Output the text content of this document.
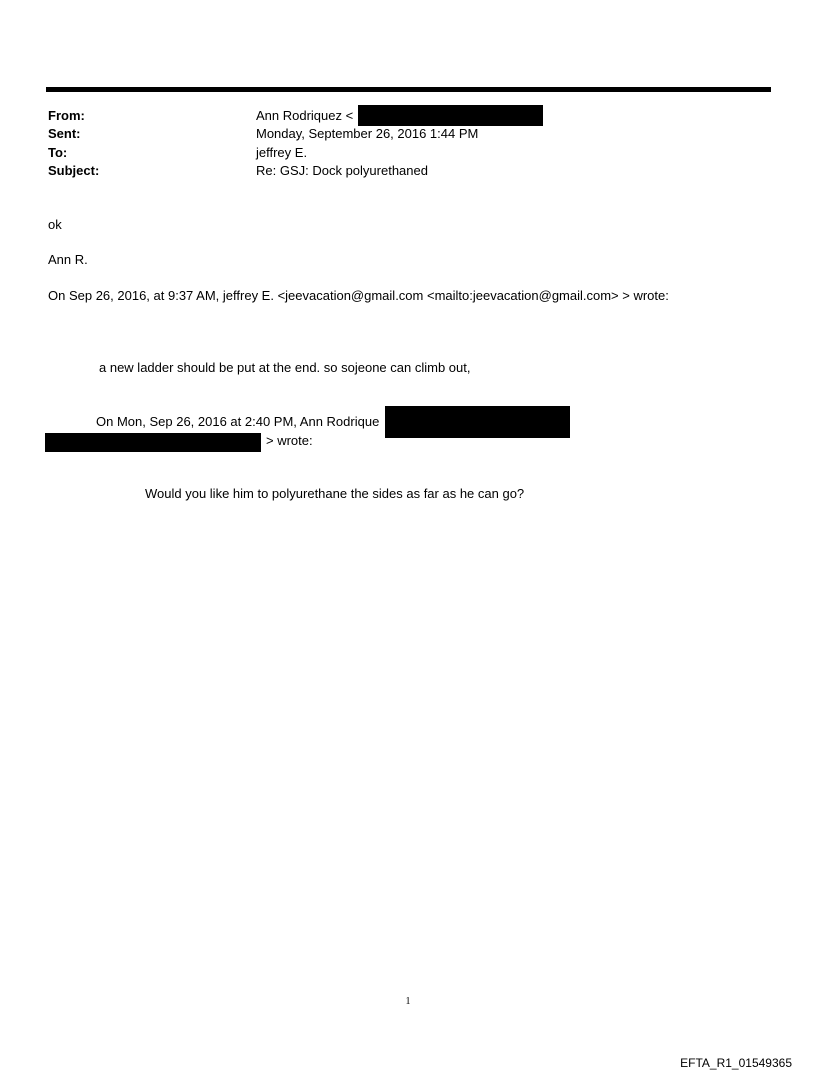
From:	Ann Rodriquez <
Sent:	Monday, September 26, 2016 1:44 PM
To:	jeffrey E.
Subject:	Re: GSJ: Dock polyurethaned
ok
Ann R.
On Sep 26, 2016, at 9:37 AM, jeffrey E. <jeevacation@gmail.com <mailto:jeevacation@gmail.com> > wrote:
a new ladder should be put at the end. so sojeone can climb out,
On Mon, Sep 26, 2016 at 2:40 PM, Ann Rodrique
> wrote:
Would you like him to polyurethane the sides as far as he can go?
1
EFTA_R1_01549365
